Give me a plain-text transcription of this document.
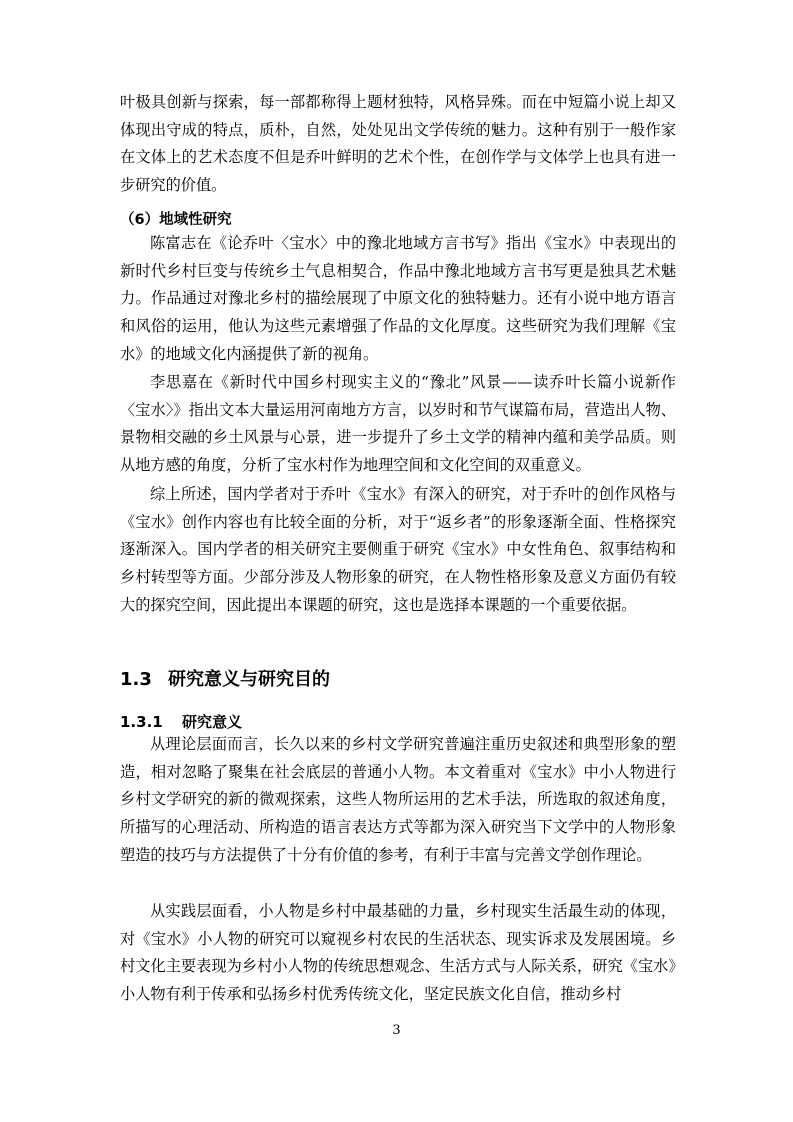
叶极具创新与探索，每一部都称得上题材独特，风格异殊。而在中短篇小说上却又体现出守成的特点，质朴，自然，处处见出文学传统的魅力。这种有别于一般作家在文体上的艺术态度不但是乔叶鲜明的艺术个性，在创作学与文体学上也具有进一步研究的价值。

（6）地域性研究

陈富志在《论乔叶〈宝水〉中的豫北地域方言书写》指出《宝水》中表现出的新时代乡村巨变与传统乡土气息相契合，作品中豫北地域方言书写更是独具艺术魅力。作品通过对豫北乡村的描绘展现了中原文化的独特魅力。还有小说中地方语言和风俗的运用，他认为这些元素增强了作品的文化厚度。这些研究为我们理解《宝水》的地域文化内涵提供了新的视角。

李思嘉在《新时代中国乡村现实主义的“豫北”风景——读乔叶长篇小说新作〈宝水〉》指出文本大量运用河南地方方言，以岁时和节气谋篇布局，营造出人物、景物相交融的乡土风景与心景，进一步提升了乡土文学的精神内蕴和美学品质。则从地方感的角度，分析了宝水村作为地理空间和文化空间的双重意义。

综上所述，国内学者对于乔叶《宝水》有深入的研究，对于乔叶的创作风格与《宝水》创作内容也有比较全面的分析，对于“返乡者”的形象逐渐全面、性格探究逐渐深入。国内学者的相关研究主要侧重于研究《宝水》中女性角色、叙事结构和乡村转型等方面。少部分涉及人物形象的研究，在人物性格形象及意义方面仍有较大的探究空间，因此提出本课题的研究，这也是选择本课题的一个重要依据。

1.3 研究意义与研究目的
1.3.1 研究意义

从理论层面而言，长久以来的乡村文学研究普遍注重历史叙述和典型形象的塑造，相对忽略了聚集在社会底层的普通小人物。本文着重对《宝水》中小人物进行乡村文学研究的新的微观探索，这些人物所运用的艺术手法，所选取的叙述角度，所描写的心理活动、所构造的语言表达方式等都为深入研究当下文学中的人物形象塑造的技巧与方法提供了十分有价值的参考，有利于丰富与完善文学创作理论。

从实践层面看，小人物是乡村中最基础的力量，乡村现实生活最生动的体现，对《宝水》小人物的研究可以窥视乡村农民的生活状态、现实诉求及发展困境。乡村文化主要表现为乡村小人物的传统思想观念、生活方式与人际关系，研究《宝水》小人物有利于传承和弘扬乡村优秀传统文化，坚定民族文化自信，推动乡村

3
